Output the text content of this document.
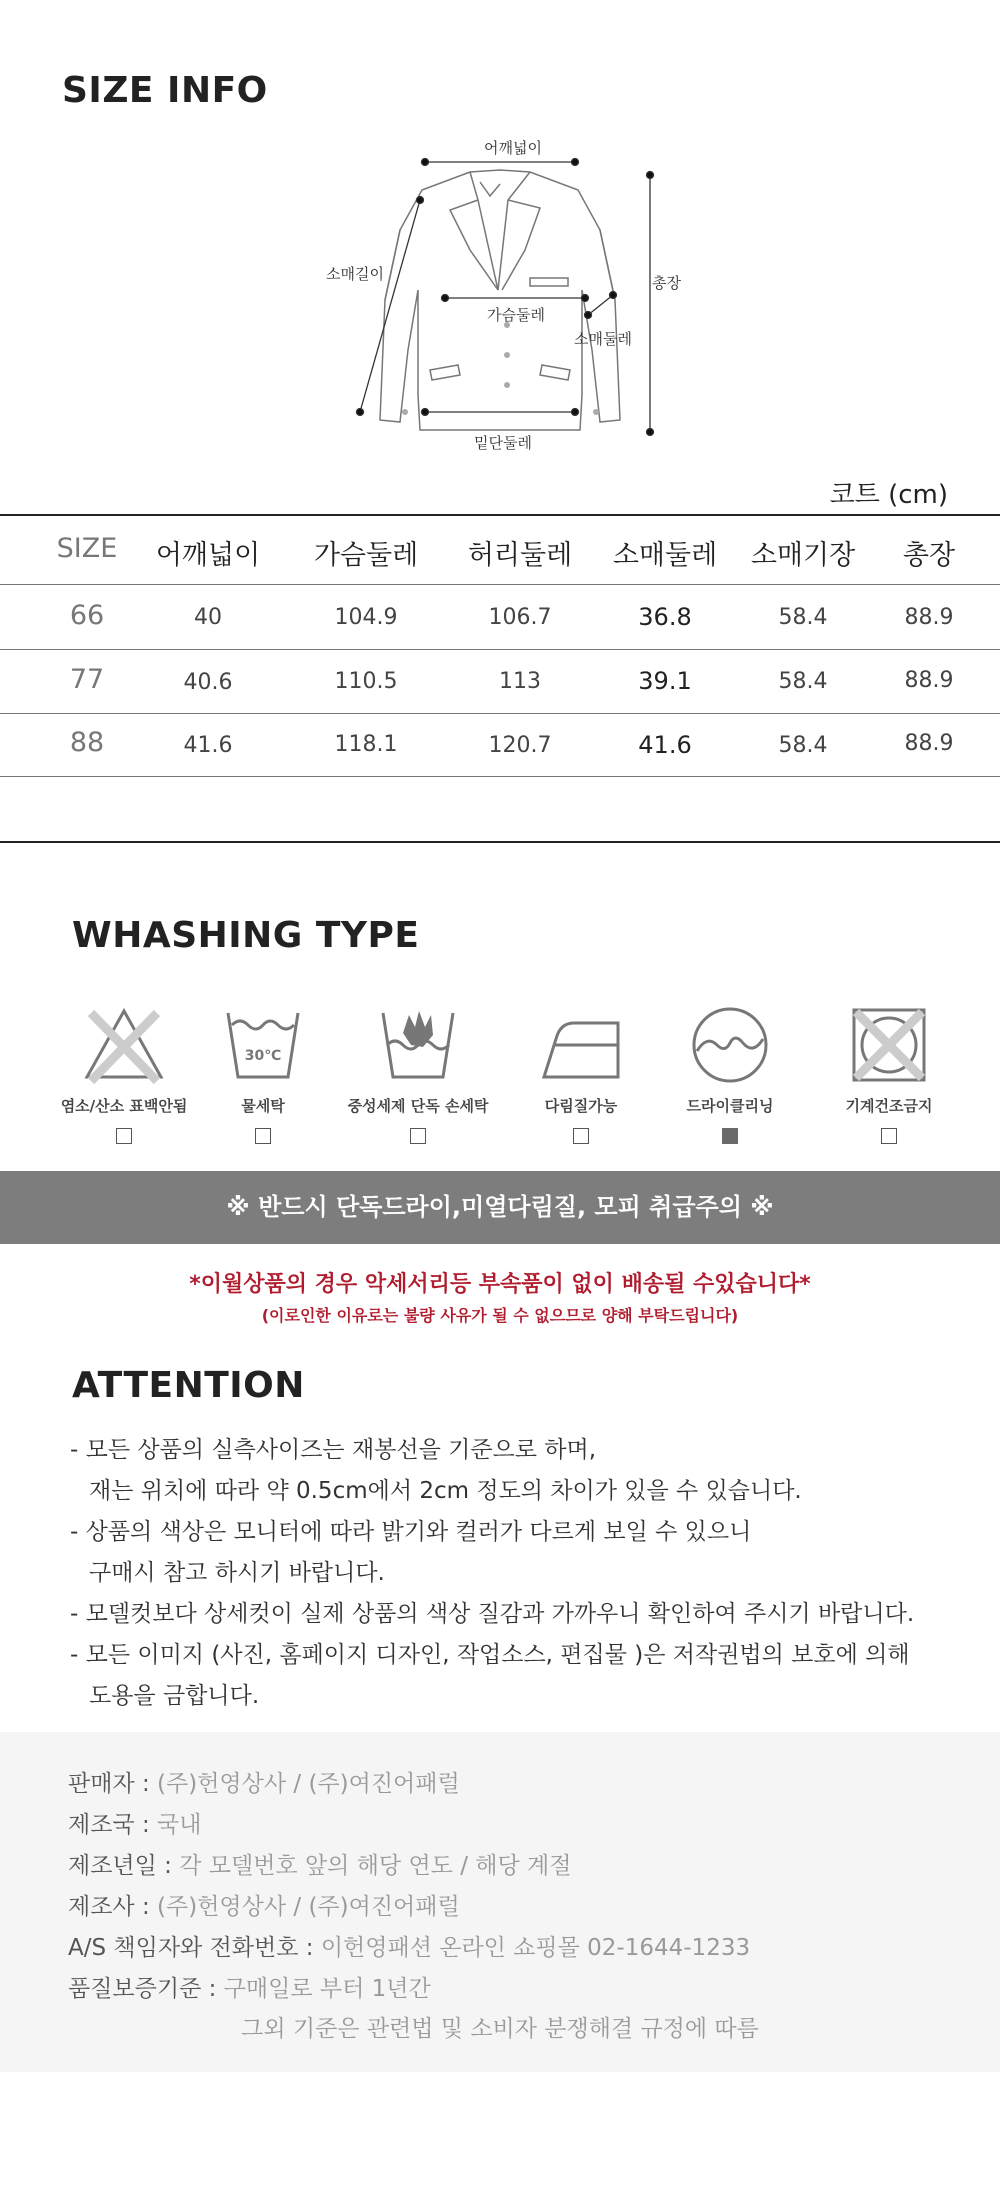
SIZE INFO
어깨넓이
소매길이	총장
가슴둘레
소매둘레
밑단둘레
코트 (cm)
SIZE 어깨넓이 가슴둘레 허리둘레 소매둘레 소매기장 총장
66	40	104.9	106.7	36.8	58.4	88.9
77	40.6	110.5	113	39.1	58.4	88.9
88	41.6	118.1	120.7	41.6	58.4	88.9
WHASHING TYPE
염소/산소 표백안됨
30℃
물세탁	중성세제 단독 손세탁	다림질가능	드라이클리닝	기계건조금지
※ 반드시 단독드라이,미열다림질, 모피 취급주의 ※
*이월상품의 경우 악세서리등 부속품이 없이 배송될 수있습니다*
(이로인한 이유로는 불량 사유가 될 수 없으므로 양해 부탁드립니다)
ATTENTION
- 모든 상품의 실측사이즈는 재봉선을 기준으로 하며,
재는 위치에 따라 약 0.5cm에서 2cm 정도의 차이가 있을 수 있습니다.
- 상품의 색상은 모니터에 따라 밝기와 컬러가 다르게 보일 수 있으니
구매시 참고 하시기 바랍니다.
- 모델컷보다 상세컷이 실제 상품의 색상 질감과 가까우니 확인하여 주시기 바랍니다.
- 모든 이미지 (사진, 홈페이지 디자인, 작업소스, 편집물 )은 저작권법의 보호에 의해
도용을 금합니다.
판매자 : (주)헌영상사 / (주)여진어패럴
제조국 : 국내
제조년일 : 각 모델번호 앞의 해당 연도 / 해당 계절
제조사 : (주)헌영상사 / (주)여진어패럴
A/S 책임자와 전화번호 : 이헌영패션 온라인 쇼핑몰 02-1644-1233
품질보증기준 : 구매일로 부터 1년간
그외 기준은 관련법 및 소비자 분쟁해결 규정에 따름
